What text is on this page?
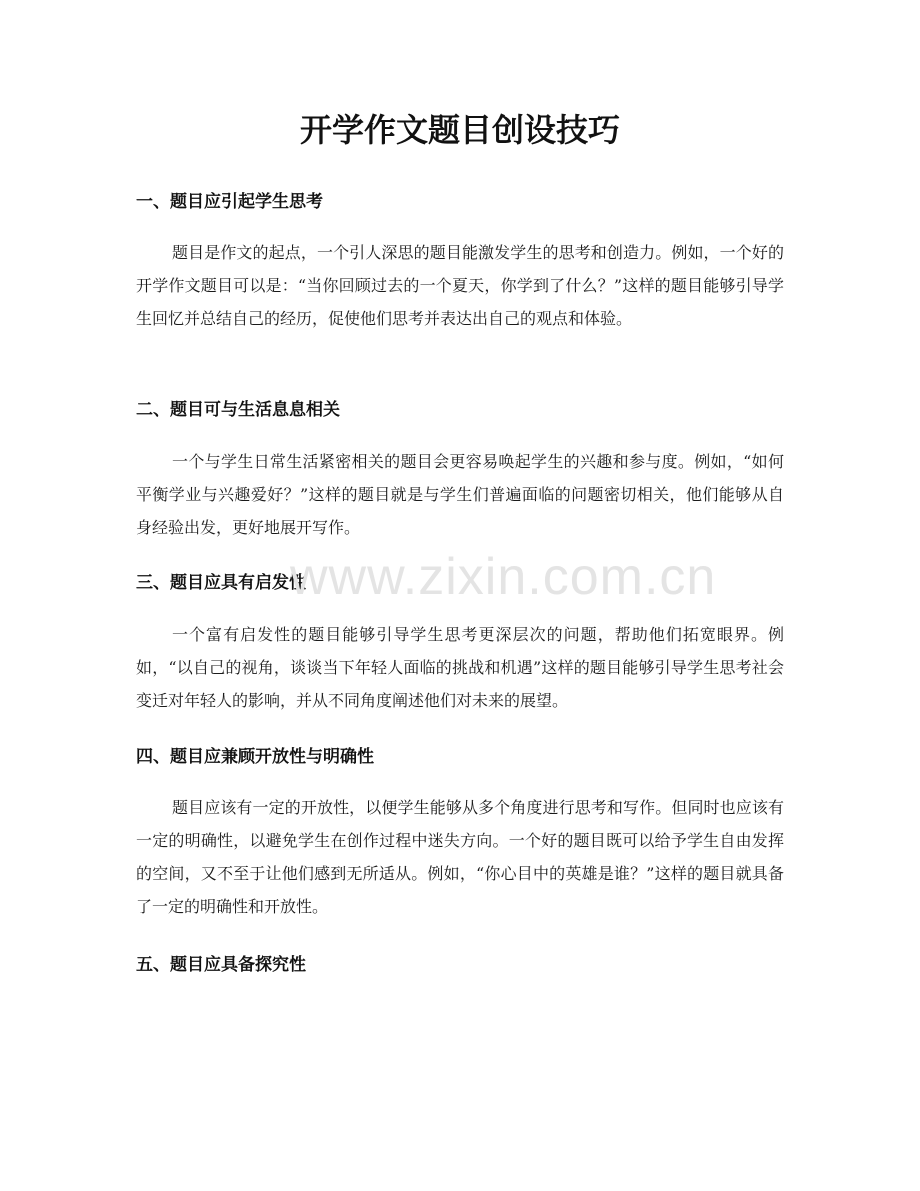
开学作文题目创设技巧
一、题目应引起学生思考

题目是作文的起点，一个引人深思的题目能激发学生的思考和创造力。例如，一个好的开学作文题目可以是：“当你回顾过去的一个夏天，你学到了什么？”这样的题目能够引导学生回忆并总结自己的经历，促使他们思考并表达出自己的观点和体验。

二、题目可与生活息息相关

一个与学生日常生活紧密相关的题目会更容易唤起学生的兴趣和参与度。例如，“如何平衡学业与兴趣爱好？”这样的题目就是与学生们普遍面临的问题密切相关，他们能够从自身经验出发，更好地展开写作。

三、题目应具有启发性

一个富有启发性的题目能够引导学生思考更深层次的问题，帮助他们拓宽眼界。例如，“以自己的视角，谈谈当下年轻人面临的挑战和机遇”这样的题目能够引导学生思考社会变迁对年轻人的影响，并从不同角度阐述他们对未来的展望。

四、题目应兼顾开放性与明确性

题目应该有一定的开放性，以便学生能够从多个角度进行思考和写作。但同时也应该有一定的明确性，以避免学生在创作过程中迷失方向。一个好的题目既可以给予学生自由发挥的空间，又不至于让他们感到无所适从。例如，“你心目中的英雄是谁？”这样的题目就具备了一定的明确性和开放性。

五、题目应具备探究性
www.zixin.com.cn
